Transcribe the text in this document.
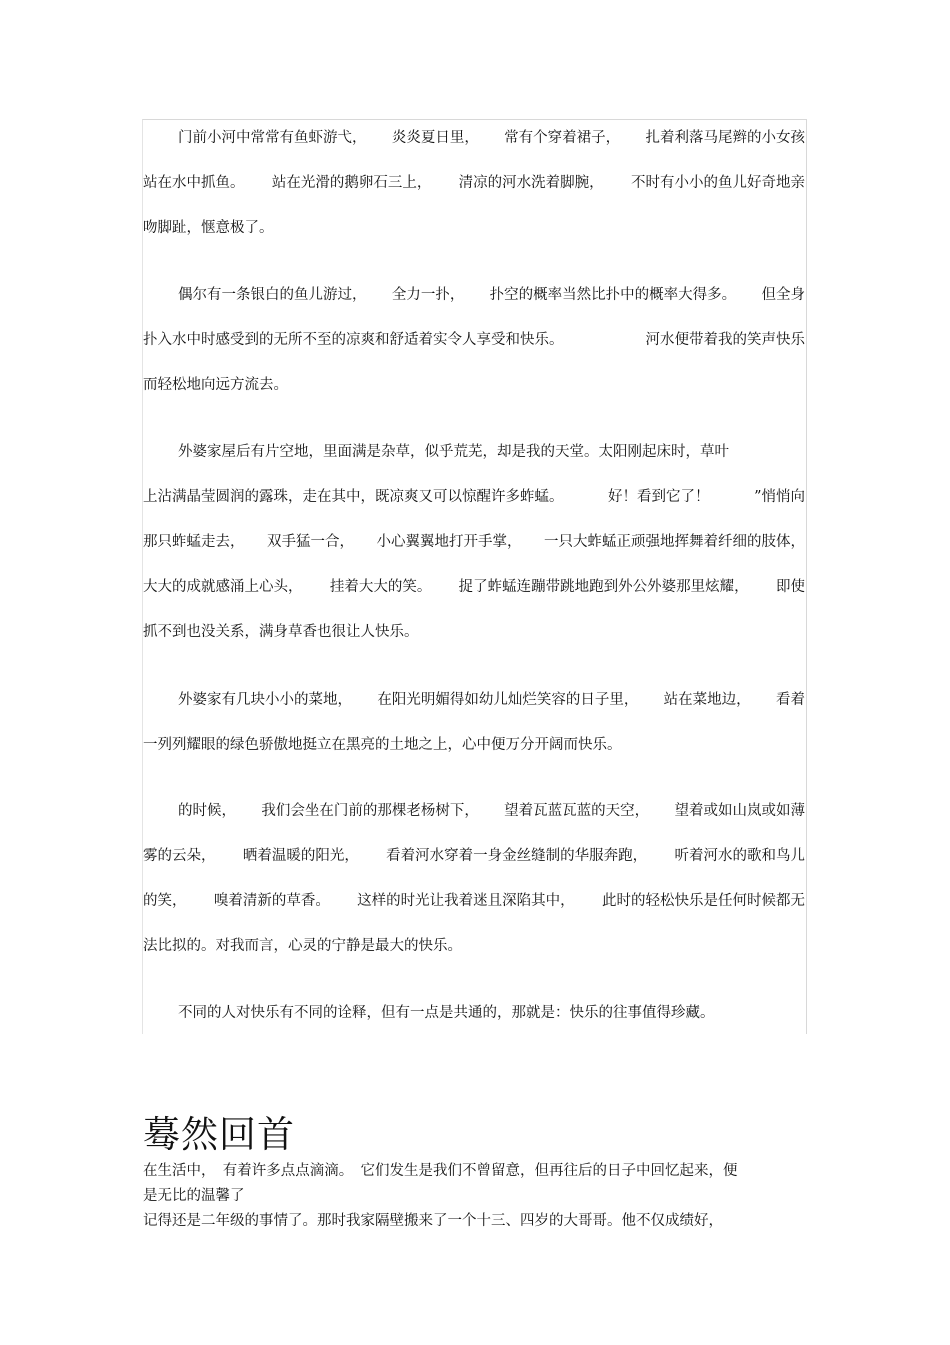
门前小河中常常有鱼虾游弋， 炎炎夏日里， 常有个穿着裙子， 扎着利落马尾辫的小女孩
站在水中抓鱼。 站在光滑的鹅卵石三上， 清凉的河水洗着脚腕， 不时有小小的鱼儿好奇地亲
吻脚趾，惬意极了。
偶尔有一条银白的鱼儿游过， 全力一扑， 扑空的概率当然比扑中的概率大得多。 但全身
扑入水中时感受到的无所不至的凉爽和舒适着实令人享受和快乐。	河水便带着我的笑声快乐
而轻松地向远方流去。
外婆家屋后有片空地，里面满是杂草，似乎荒芜，却是我的天堂。太阳刚起床时，草叶
上沾满晶莹圆润的露珠，走在其中，既凉爽又可以惊醒许多蚱蜢。	好！看到它了！	”悄悄向
那只蚱蜢走去， 双手猛一合， 小心翼翼地打开手掌， 一只大蚱蜢正顽强地挥舞着纤细的肢体，
大大的成就感涌上心头， 挂着大大的笑。 捉了蚱蜢连蹦带跳地跑到外公外婆那里炫耀， 即使
抓不到也没关系，满身草香也很让人快乐。
外婆家有几块小小的菜地， 在阳光明媚得如幼儿灿烂笑容的日子里， 站在菜地边， 看着
一列列耀眼的绿色骄傲地挺立在黑亮的土地之上，心中便万分开阔而快乐。
的时候， 我们会坐在门前的那棵老杨树下， 望着瓦蓝瓦蓝的天空， 望着或如山岚或如薄
雾的云朵， 晒着温暖的阳光， 看着河水穿着一身金丝缝制的华服奔跑， 听着河水的歌和鸟儿
的笑， 嗅着清新的草香。 这样的时光让我着迷且深陷其中， 此时的轻松快乐是任何时候都无
法比拟的。对我而言，心灵的宁静是最大的快乐。
不同的人对快乐有不同的诠释，但有一点是共通的，那就是：快乐的往事值得珍藏。
蓦然回首
在生活中，　有着许多点点滴滴。　它们发生是我们不曾留意，但再往后的日子中回忆起来，便
是无比的温馨了
记得还是二年级的事情了。那时我家隔壁搬来了一个十三、四岁的大哥哥。他不仅成绩好，
